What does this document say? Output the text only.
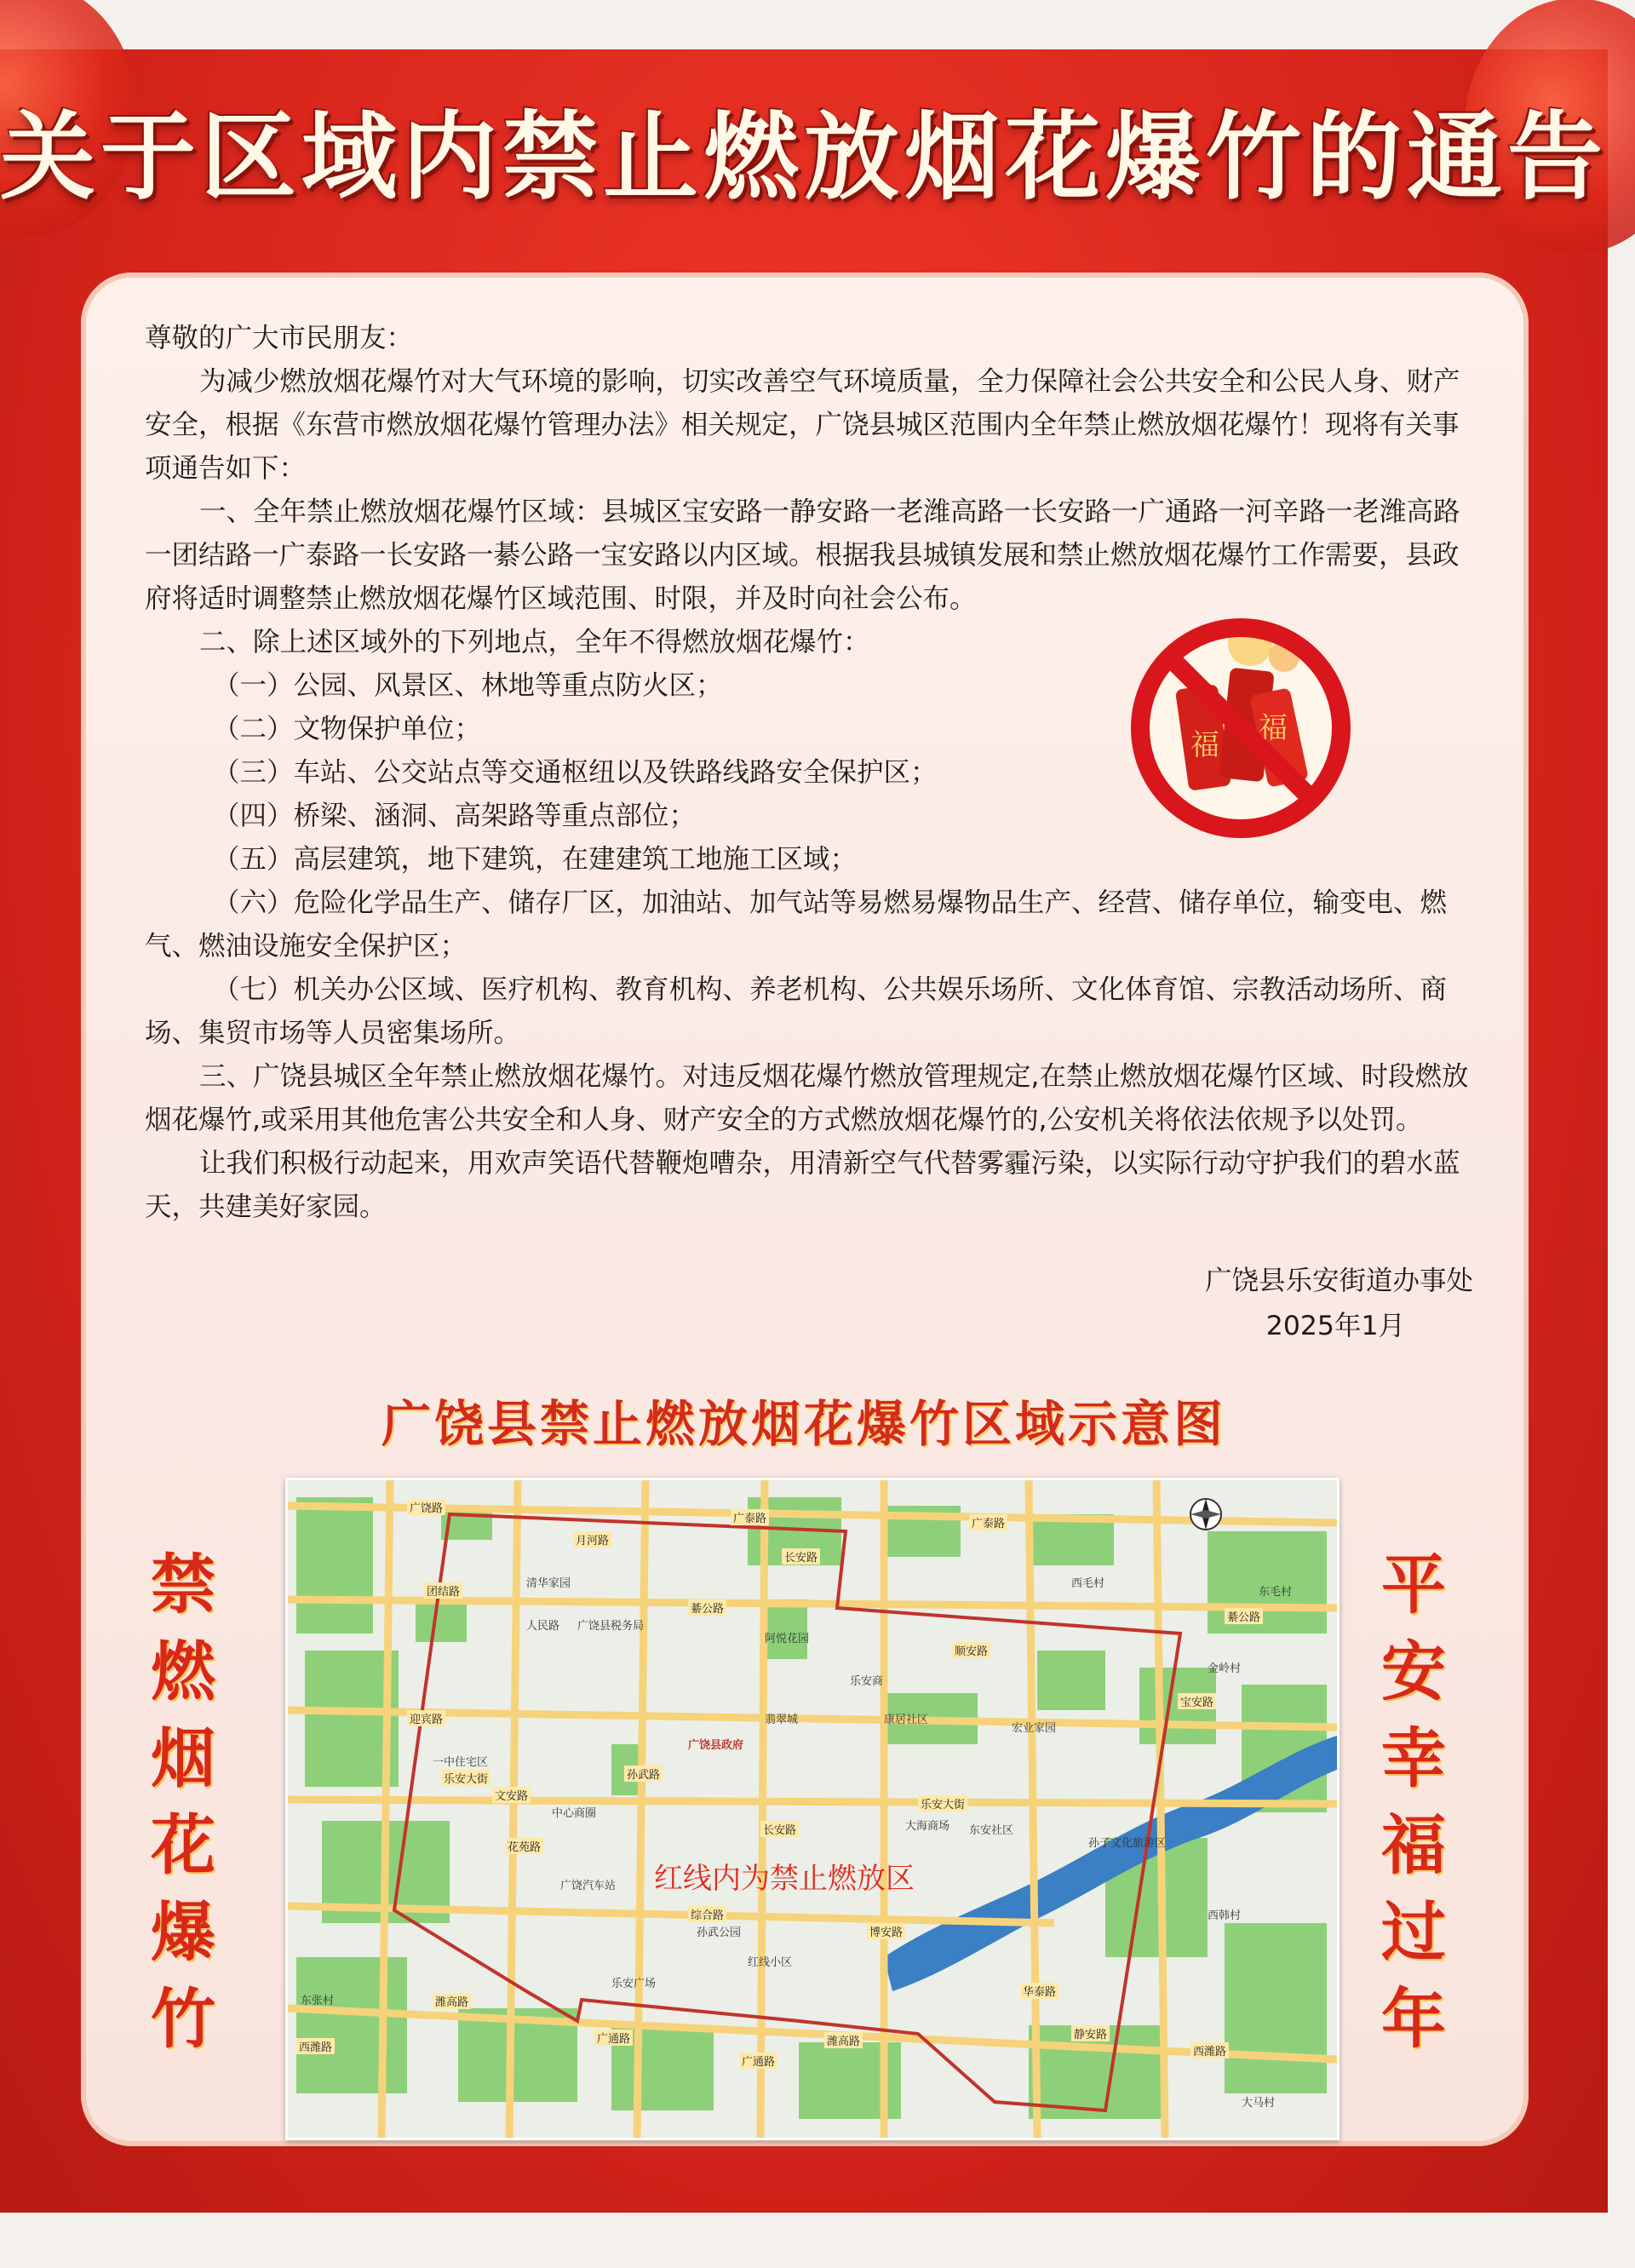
关于区域内禁止燃放烟花爆竹的通告

尊敬的广大市民朋友：

为减少燃放烟花爆竹对大气环境的影响，切实改善空气环境质量，全力保障社会公共安全和公民人身、财产安全，根据《东营市燃放烟花爆竹管理办法》相关规定，广饶县城区范围内全年禁止燃放烟花爆竹！现将有关事项通告如下：

一、全年禁止燃放烟花爆竹区域：县城区宝安路一静安路一老潍高路一长安路一广通路一河辛路一老潍高路一团结路一广泰路一长安路一綦公路一宝安路以内区域。根据我县城镇发展和禁止燃放烟花爆竹工作需要，县政府将适时调整禁止燃放烟花爆竹区域范围、时限，并及时向社会公布。

二、除上述区域外的下列地点，全年不得燃放烟花爆竹：

（一）公园、风景区、林地等重点防火区；

（二）文物保护单位；

（三）车站、公交站点等交通枢纽以及铁路线路安全保护区；

（四）桥梁、涵洞、高架路等重点部位；

（五）高层建筑，地下建筑，在建建筑工地施工区域；

（六）危险化学品生产、储存厂区，加油站、加气站等易燃易爆物品生产、经营、储存单位，输变电、燃气、燃油设施安全保护区；

（七）机关办公区域、医疗机构、教育机构、养老机构、公共娱乐场所、文化体育馆、宗教活动场所、商场、集贸市场等人员密集场所。

三、广饶县城区全年禁止燃放烟花爆竹。对违反烟花爆竹燃放管理规定,在禁止燃放烟花爆竹区域、时段燃放烟花爆竹,或采用其他危害公共安全和人身、财产安全的方式燃放烟花爆竹的,公安机关将依法依规予以处罚。

让我们积极行动起来，用欢声笑语代替鞭炮嘈杂，用清新空气代替雾霾污染，以实际行动守护我们的碧水蓝天，共建美好家园。

广饶县乐安街道办事处
2025年1月
福 福
广饶县禁止燃放烟花爆竹区域示意图
禁
燃
烟
花
爆
竹
平
安
幸
福
过
年
红线内为禁止燃放区
广泰路	广泰路
广饶路
綦公路
綦公路
团结路
文安路
花苑路
乐安大街
乐安大街
孙武路
长安路
宝安路
迎宾路
静安路
潍高路
潍高路
广通路
广通路
长安路
华泰路
顺安路
月河路
西潍路	西潍路
综合路
博安路
广饶县政府
广饶汽车站
中心商圈
大海商场 东安社区
孙子文化旅游区
西毛村
东毛村
金岭村
清华家园
人民路 广饶县税务局
阿悦花园
乐安商
一中住宅区
东张村
西韩村
大马村
乐安广场
孙武公园
红线小区
康居社区
宏业家园
翡翠城
